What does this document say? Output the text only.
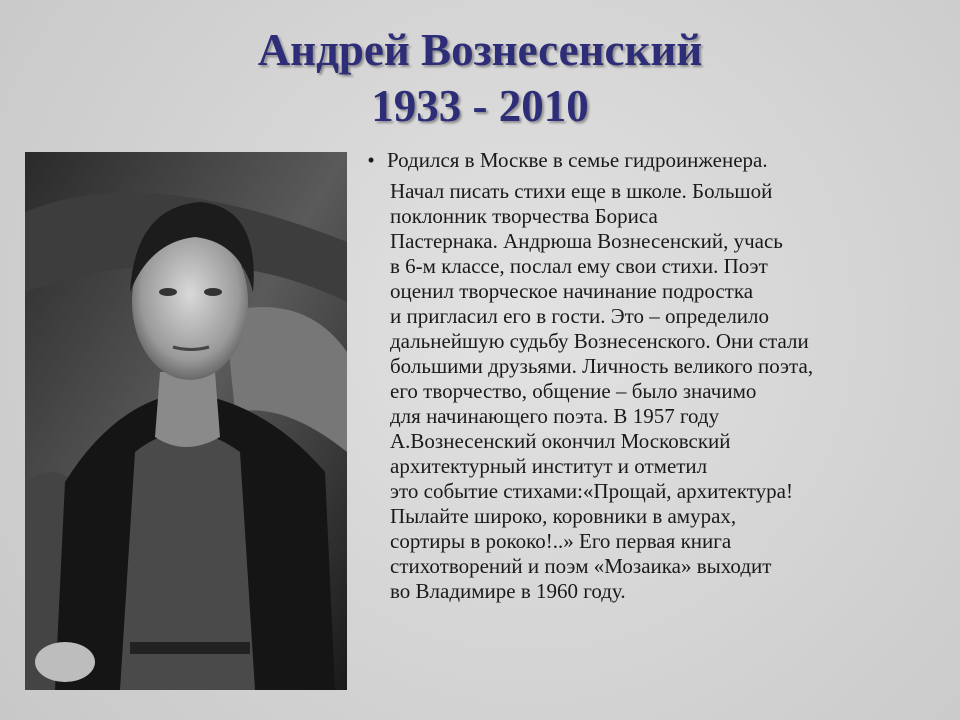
Андрей Вознесенский
1933 - 2010
• Родился в Москве в семье гидроинженера.
Начал писать стихи еще в школе. Большой
поклонник творчества Бориса
Пастернака. Андрюша Вознесенский, учась
в 6-м классе, послал ему свои стихи. Поэт
оценил творческое начинание подростка
и пригласил его в гости. Это – определило
дальнейшую судьбу Вознесенского. Они стали
большими друзьями. Личность великого поэта,
его творчество, общение – было значимо
для начинающего поэта. В 1957 году
А.Вознесенский окончил Московский
архитектурный институт и отметил
это событие стихами:«Прощай, архитектура!
Пылайте широко, коровники в амурах,
сортиры в рококо!..» Его первая книга
стихотворений и поэм «Мозаика» выходит
во Владимире в 1960 году.
